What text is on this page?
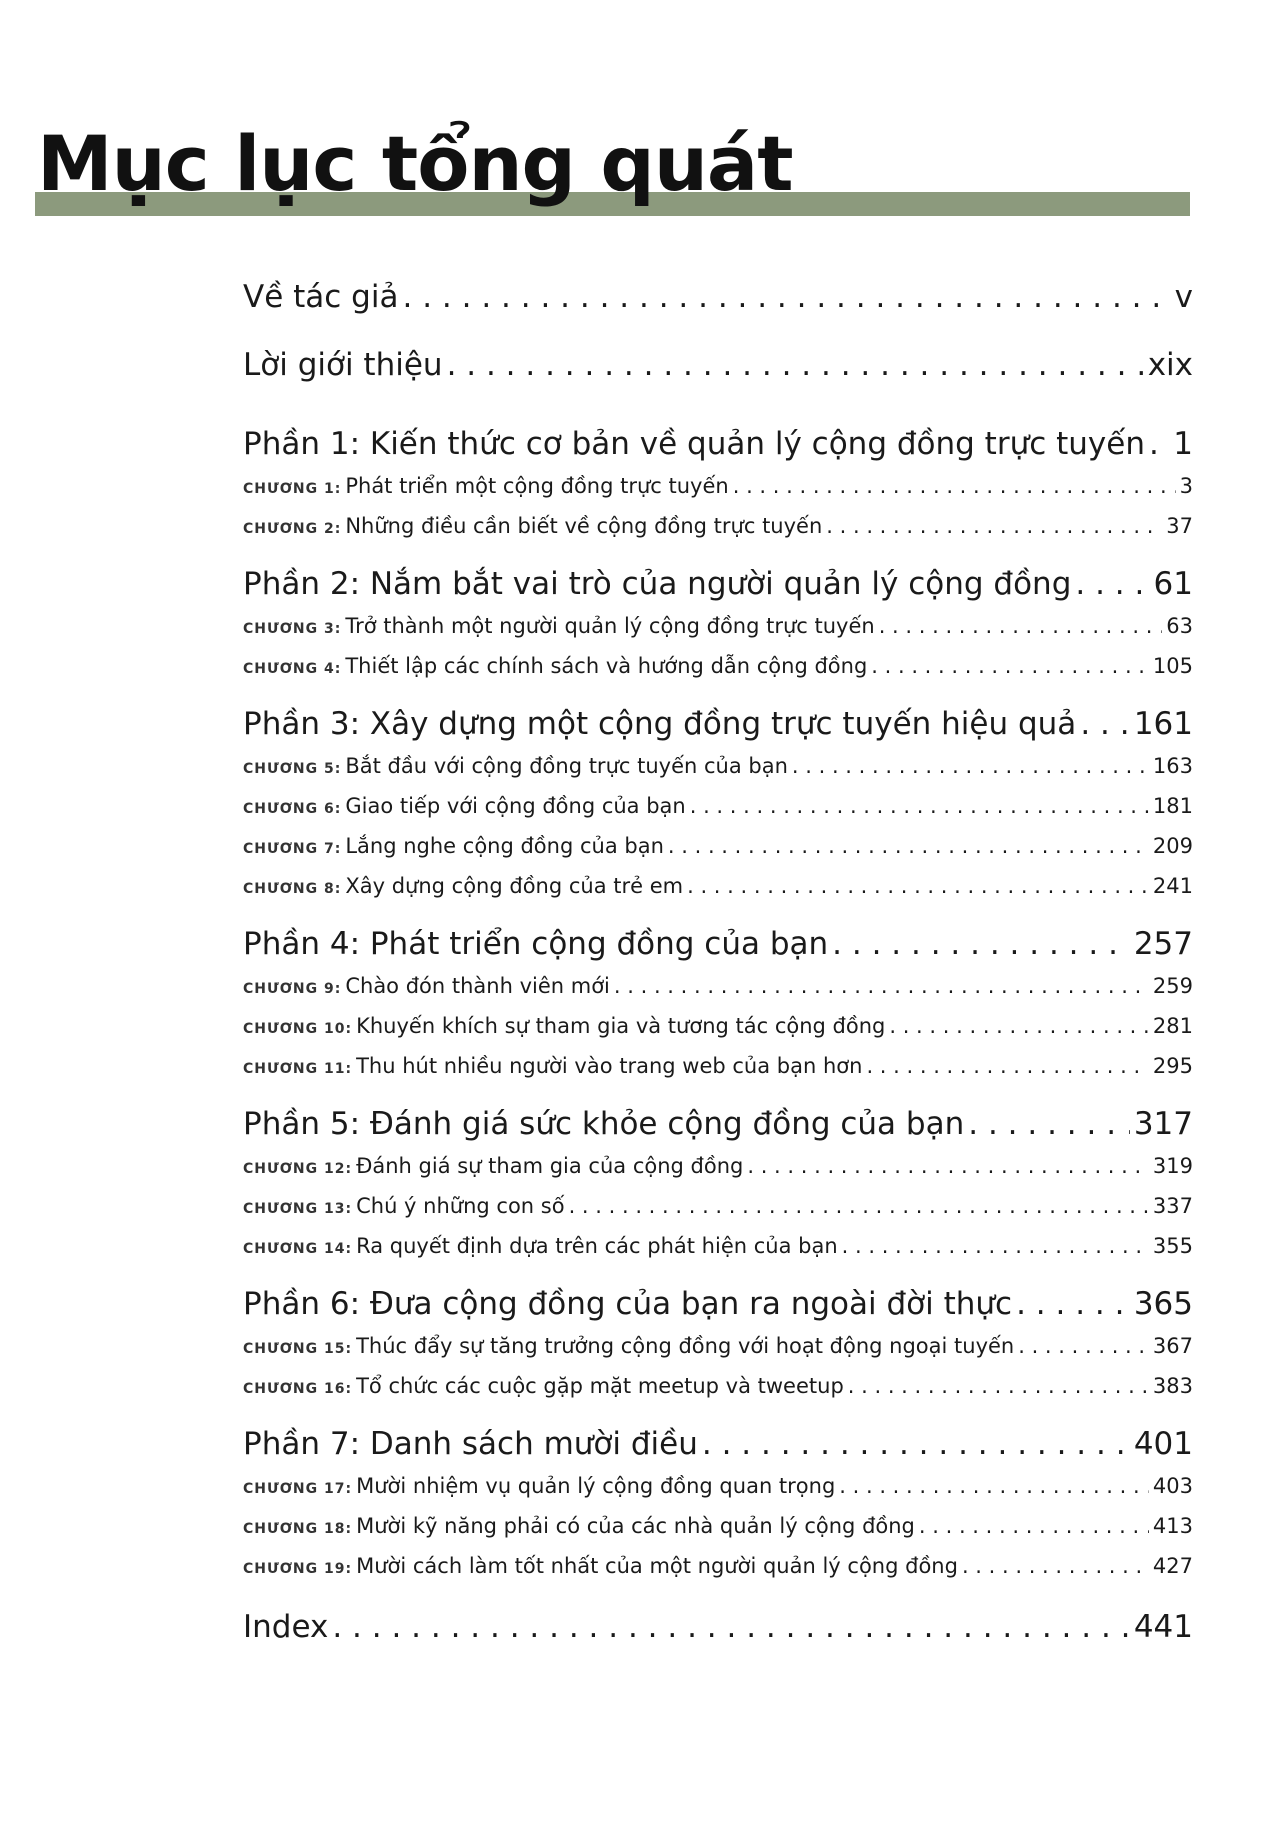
Mục lục tổng quát
Về tác giả . . .	v
Lời giới thiệu . . .	xix
Phần 1: Kiến thức cơ bản về quản lý cộng đồng trực tuyến . . . 1
CHƯƠNG 1: Phát triển một cộng đồng trực tuyến . . .	3
CHƯƠNG 2: Những điều cần biết về cộng đồng trực tuyến . . .	37
Phần 2: Nắm bắt vai trò của người quản lý cộng đồng . . .	61
CHƯƠNG 3: Trở thành một người quản lý cộng đồng trực tuyến . . .	63
CHƯƠNG 4: Thiết lập các chính sách và hướng dẫn cộng đồng . . .	105
Phần 3: Xây dựng một cộng đồng trực tuyến hiệu quả . . . 161
CHƯƠNG 5: Bắt đầu với cộng đồng trực tuyến của bạn . . .	163
CHƯƠNG 6: Giao tiếp với cộng đồng của bạn . . .	181
CHƯƠNG 7: Lắng nghe cộng đồng của bạn . . .	209
CHƯƠNG 8: Xây dựng cộng đồng của trẻ em . . .	241
Phần 4: Phát triển cộng đồng của bạn . . .	257
CHƯƠNG 9: Chào đón thành viên mới . . .	259
CHƯƠNG 10: Khuyến khích sự tham gia và tương tác cộng đồng . . .	281
CHƯƠNG 11: Thu hút nhiều người vào trang web của bạn hơn . . .	295
Phần 5: Đánh giá sức khỏe cộng đồng của bạn . . .	317
CHƯƠNG 12: Đánh giá sự tham gia của cộng đồng . . .	319
CHƯƠNG 13: Chú ý những con số . . .	337
CHƯƠNG 14: Ra quyết định dựa trên các phát hiện của bạn . . .	355
Phần 6: Đưa cộng đồng của bạn ra ngoài đời thực . . .	365
CHƯƠNG 15: Thúc đẩy sự tăng trưởng cộng đồng với hoạt động ngoại tuyến . . .	367
CHƯƠNG 16: Tổ chức các cuộc gặp mặt meetup và tweetup . . .	383
Phần 7: Danh sách mười điều . . .	401
CHƯƠNG 17: Mười nhiệm vụ quản lý cộng đồng quan trọng . . .	403
CHƯƠNG 18: Mười kỹ năng phải có của các nhà quản lý cộng đồng . . .	413
CHƯƠNG 19: Mười cách làm tốt nhất của một người quản lý cộng đồng . . .	427
Index . . .	441
